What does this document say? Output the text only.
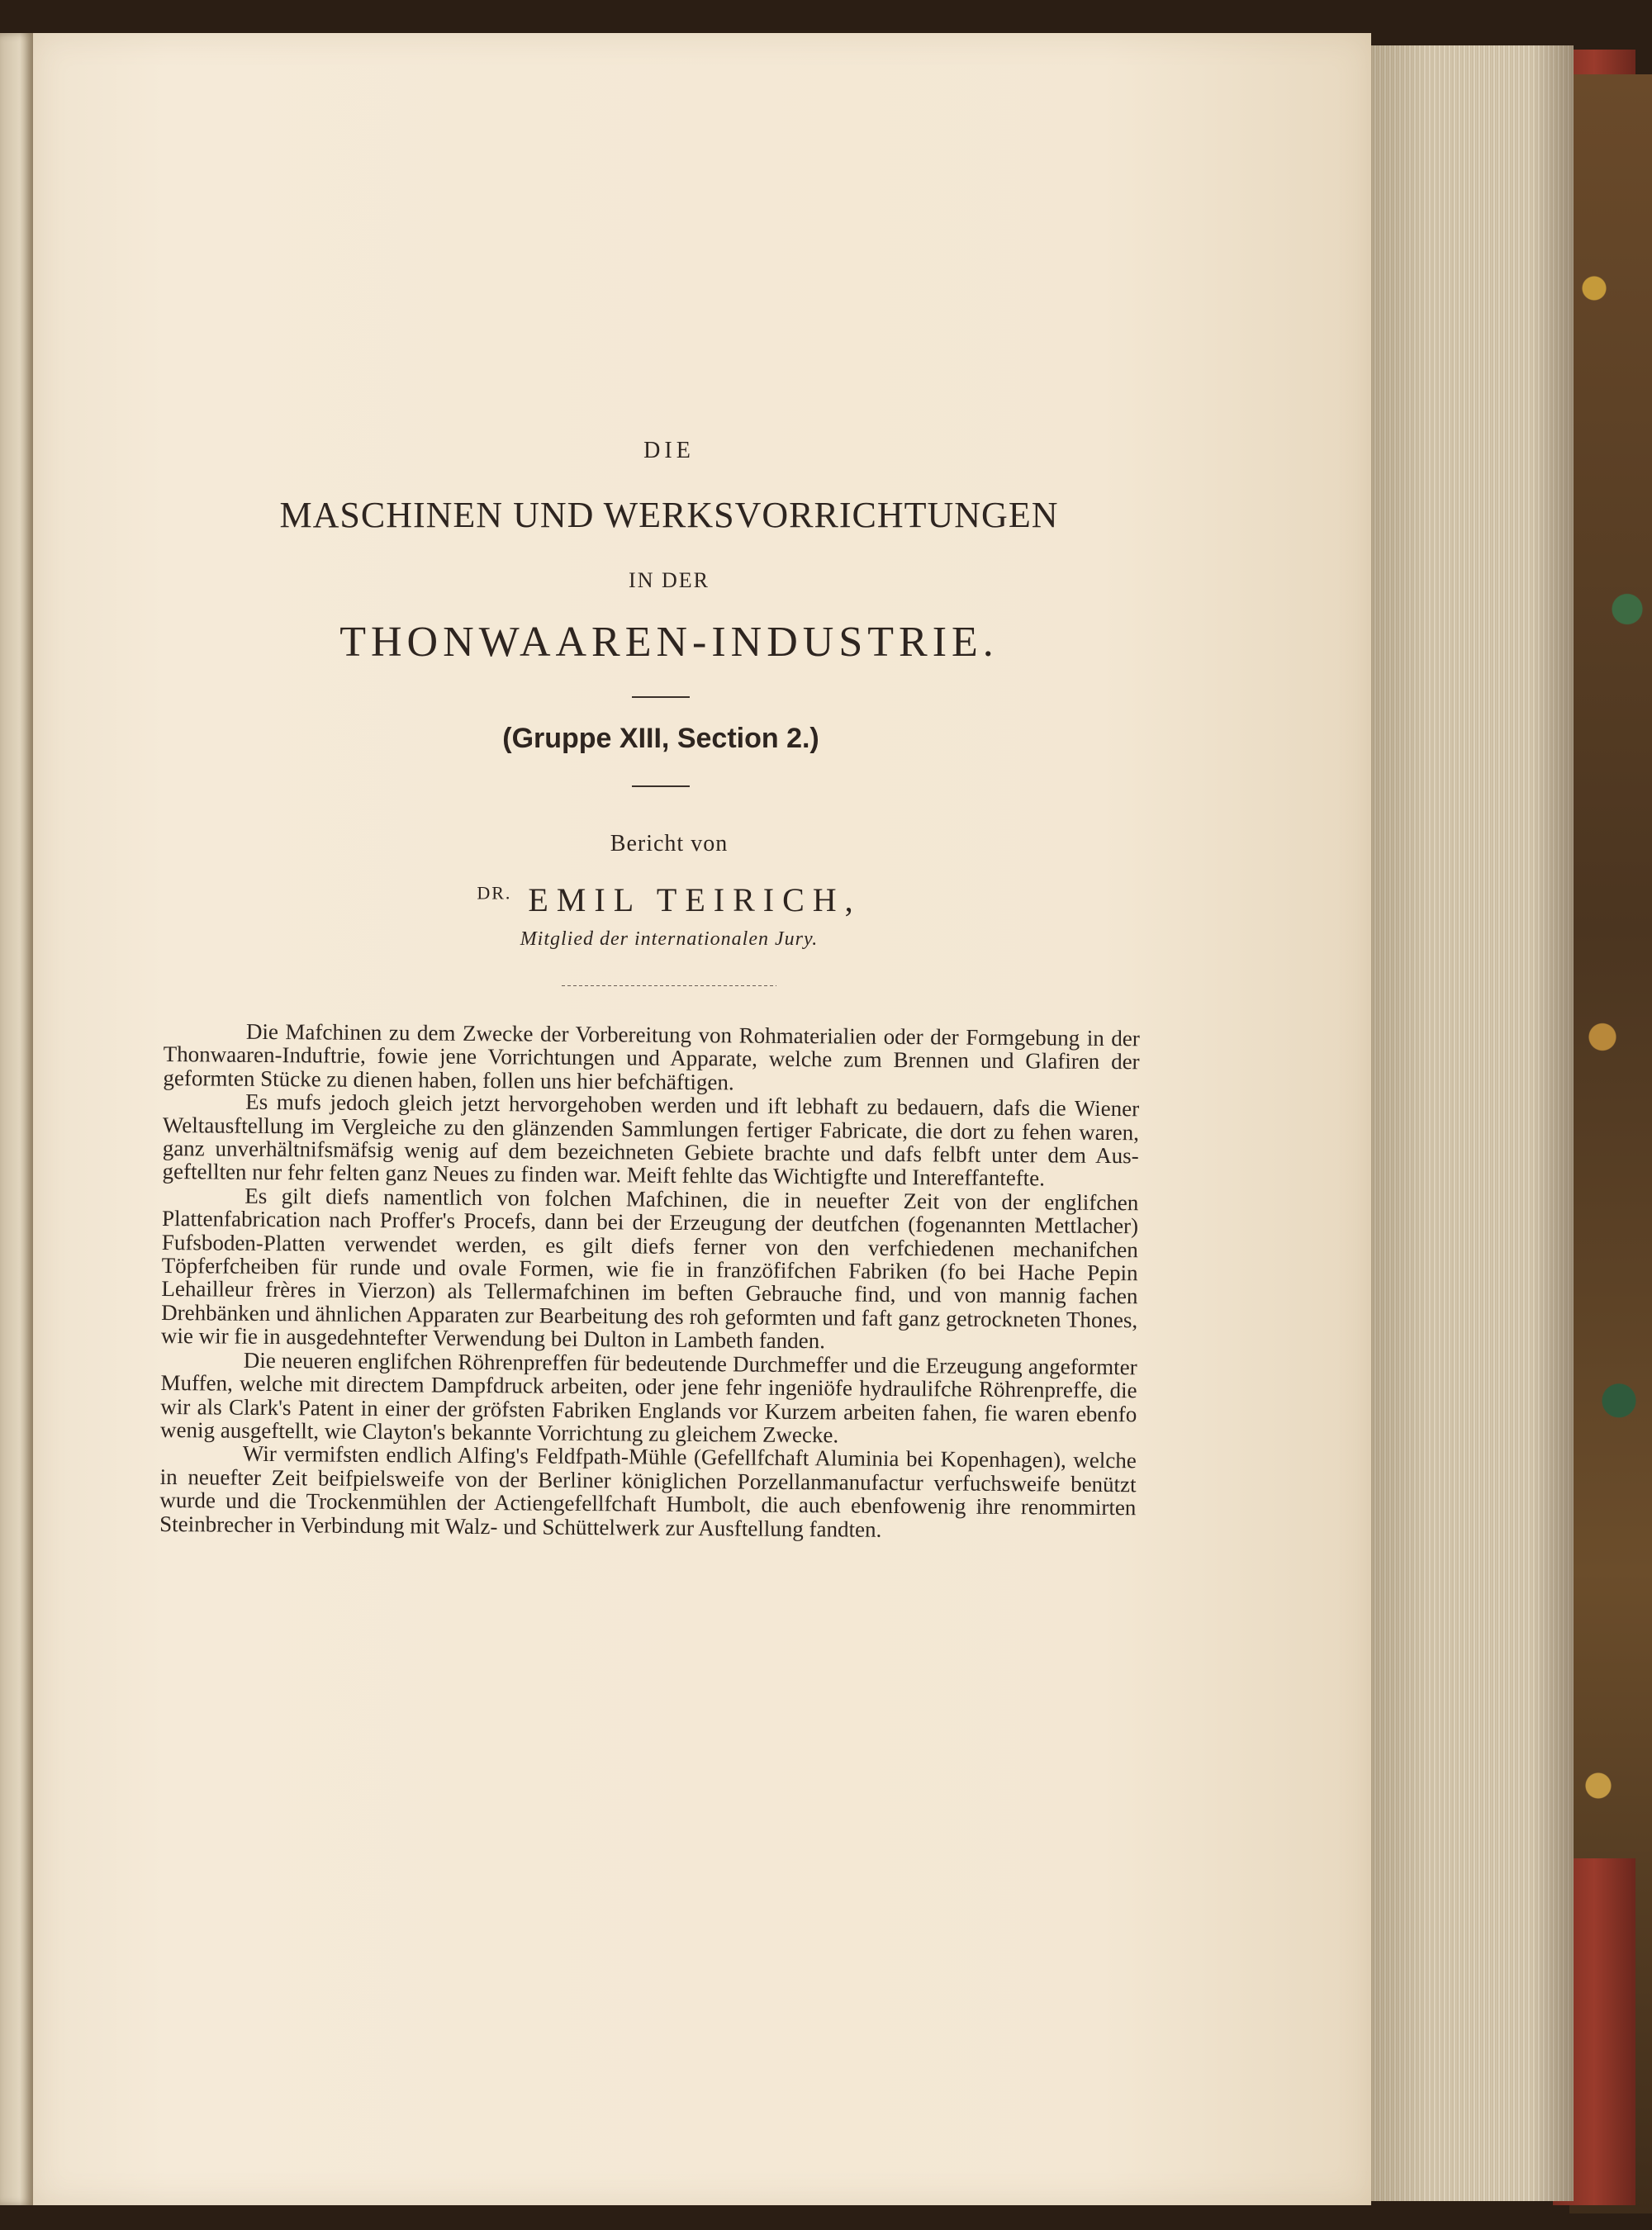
DIE
MASCHINEN UND WERKSVORRICHTUNGEN
IN DER
THONWAAREN-INDUSTRIE.
(Gruppe XIII, Section 2.)
Bericht von
$^{DR.}$ EMIL TEIRICH,
Mitglied der internationalen Jury.

Die Mafchinen zu dem Zwecke der Vorbereitung von Rohmaterialien oder der Formgebung in der Thonwaaren-Induftrie, fowie jene Vorrichtungen und Apparate, welche zum Brennen und Glafiren der geformten Stücke zu dienen haben, follen uns hier befchäftigen.

Es mufs jedoch gleich jetzt hervorgehoben werden und ift lebhaft zu bedauern, dafs die Wiener Weltausftellung im Vergleiche zu den glänzenden Sammlungen fertiger Fabricate, die dort zu fehen waren, ganz unverhältnifsmäfsig wenig auf dem bezeichneten Gebiete brachte und dafs felbft unter dem Aus-geftellten nur fehr felten ganz Neues zu finden war. Meift fehlte das Wichtigfte und Intereffantefte.

Es gilt diefs namentlich von folchen Mafchinen, die in neuefter Zeit von der englifchen Plattenfabrication nach Proffer's Procefs, dann bei der Erzeugung der deutfchen (fogenannten Mettlacher) Fufsboden-Platten verwendet werden, es gilt diefs ferner von den verfchiedenen mechanifchen Töpferfcheiben für runde und ovale Formen, wie fie in franzöfifchen Fabriken (fo bei Hache Pepin Lehailleur frères in Vierzon) als Tellermafchinen im beften Gebrauche find, und von mannig fachen Drehbänken und ähnlichen Apparaten zur Bearbeitung des roh geformten und faft ganz getrockneten Thones, wie wir fie in ausgedehntefter Verwendung bei Dulton in Lambeth fanden.

Die neueren englifchen Röhrenpreffen für bedeutende Durchmeffer und die Erzeugung angeformter Muffen, welche mit directem Dampfdruck arbeiten, oder jene fehr ingeniöfe hydraulifche Röhrenpreffe, die wir als Clark's Patent in einer der gröfsten Fabriken Englands vor Kurzem arbeiten fahen, fie waren ebenfo wenig ausgeftellt, wie Clayton's bekannte Vorrichtung zu gleichem Zwecke.

Wir vermifsten endlich Alfing's Feldfpath-Mühle (Gefellfchaft Aluminia bei Kopenhagen), welche in neuefter Zeit beifpielsweife von der Berliner königlichen Porzellanmanufactur verfuchsweife benützt wurde und die Trockenmühlen der Actiengefellfchaft Humbolt, die auch ebenfowenig ihre renommirten Steinbrecher in Verbindung mit Walz- und Schüttelwerk zur Ausftellung fandten.
